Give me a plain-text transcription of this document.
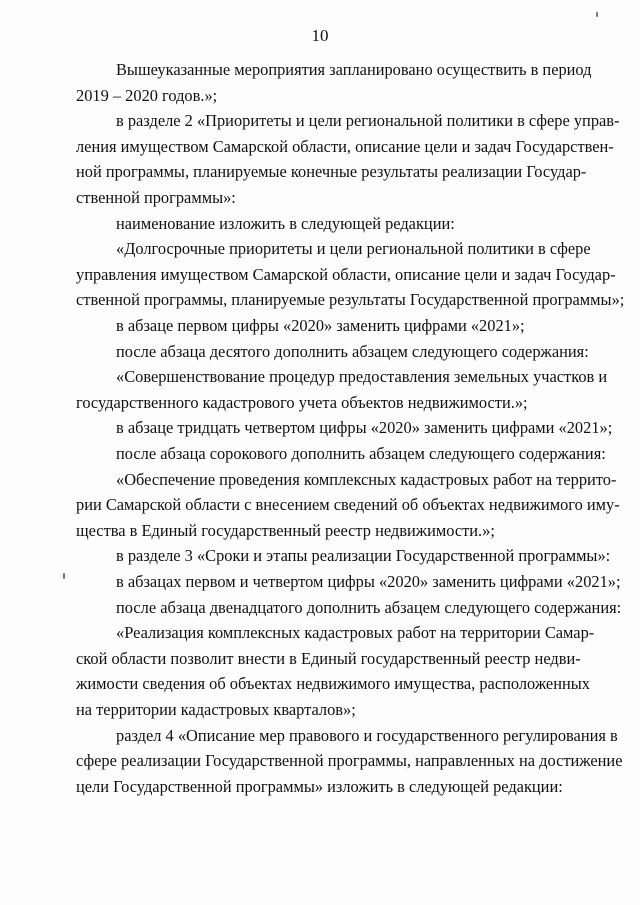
10
Вышеуказанные мероприятия запланировано осуществить в период
2019 – 2020 годов.»;
в разделе 2 «Приоритеты и цели региональной политики в сфере управ-
ления имуществом Самарской области, описание цели и задач Государствен-
ной программы, планируемые конечные результаты реализации Государ-
ственной программы»:
наименование изложить в следующей редакции:
«Долгосрочные приоритеты и цели региональной политики в сфере
управления имуществом Самарской области, описание цели и задач Государ-
ственной программы, планируемые результаты Государственной программы»;
в абзаце первом цифры «2020» заменить цифрами «2021»;
после абзаца десятого дополнить абзацем следующего содержания:
«Совершенствование процедур предоставления земельных участков и
государственного кадастрового учета объектов недвижимости.»;
в абзаце тридцать четвертом цифры «2020» заменить цифрами «2021»;
после абзаца сорокового дополнить абзацем следующего содержания:
«Обеспечение проведения комплексных кадастровых работ на террито-
рии Самарской области с внесением сведений об объектах недвижимого иму-
щества в Единый государственный реестр недвижимости.»;
в разделе 3 «Сроки и этапы реализации Государственной программы»:
в абзацах первом и четвертом цифры «2020» заменить цифрами «2021»;
после абзаца двенадцатого дополнить абзацем следующего содержания:
«Реализация комплексных кадастровых работ на территории Самар-
ской области позволит внести в Единый государственный реестр недви-
жимости сведения об объектах недвижимого имущества, расположенных
на территории кадастровых кварталов»;
раздел 4 «Описание мер правового и государственного регулирования в
сфере реализации Государственной программы, направленных на достижение
цели Государственной программы» изложить в следующей редакции:
